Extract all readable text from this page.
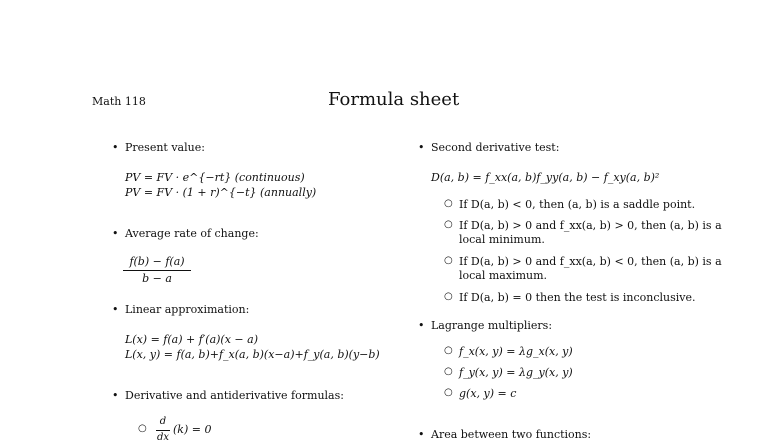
Math 118	Formula sheet
• Present value:
PV = FV · e^{−rt} (continuous)
PV = FV · (1 + r)^{−t} (annually)
• Average rate of change:
$\frac{f(b) - f(a)}{b - a}$
• Linear approximation:
L(x) = f(a) + f′(a)(x − a)
L(x, y) = f(a, b)+f_x(a, b)(x−a)+f_y(a, b)(y−b)
• Derivative and antiderivative formulas:
○ $\frac{d}{dx} (k) = 0$
• Second derivative test:
D(a, b) = f_xx(a, b)f_yy(a, b) − f_xy(a, b)²
○ If D(a, b) < 0, then (a, b) is a saddle point.
○ If D(a, b) > 0 and f_xx(a, b) > 0, then (a, b) is a local minimum.
○ If D(a, b) > 0 and f_xx(a, b) < 0, then (a, b) is a local maximum.
○ If D(a, b) = 0 then the test is inconclusive.
• Lagrange multipliers:
○ f_x(x, y) = λg_x(x, y)
○ f_y(x, y) = λg_y(x, y)
○ g(x, y) = c
• Area between two functions:
